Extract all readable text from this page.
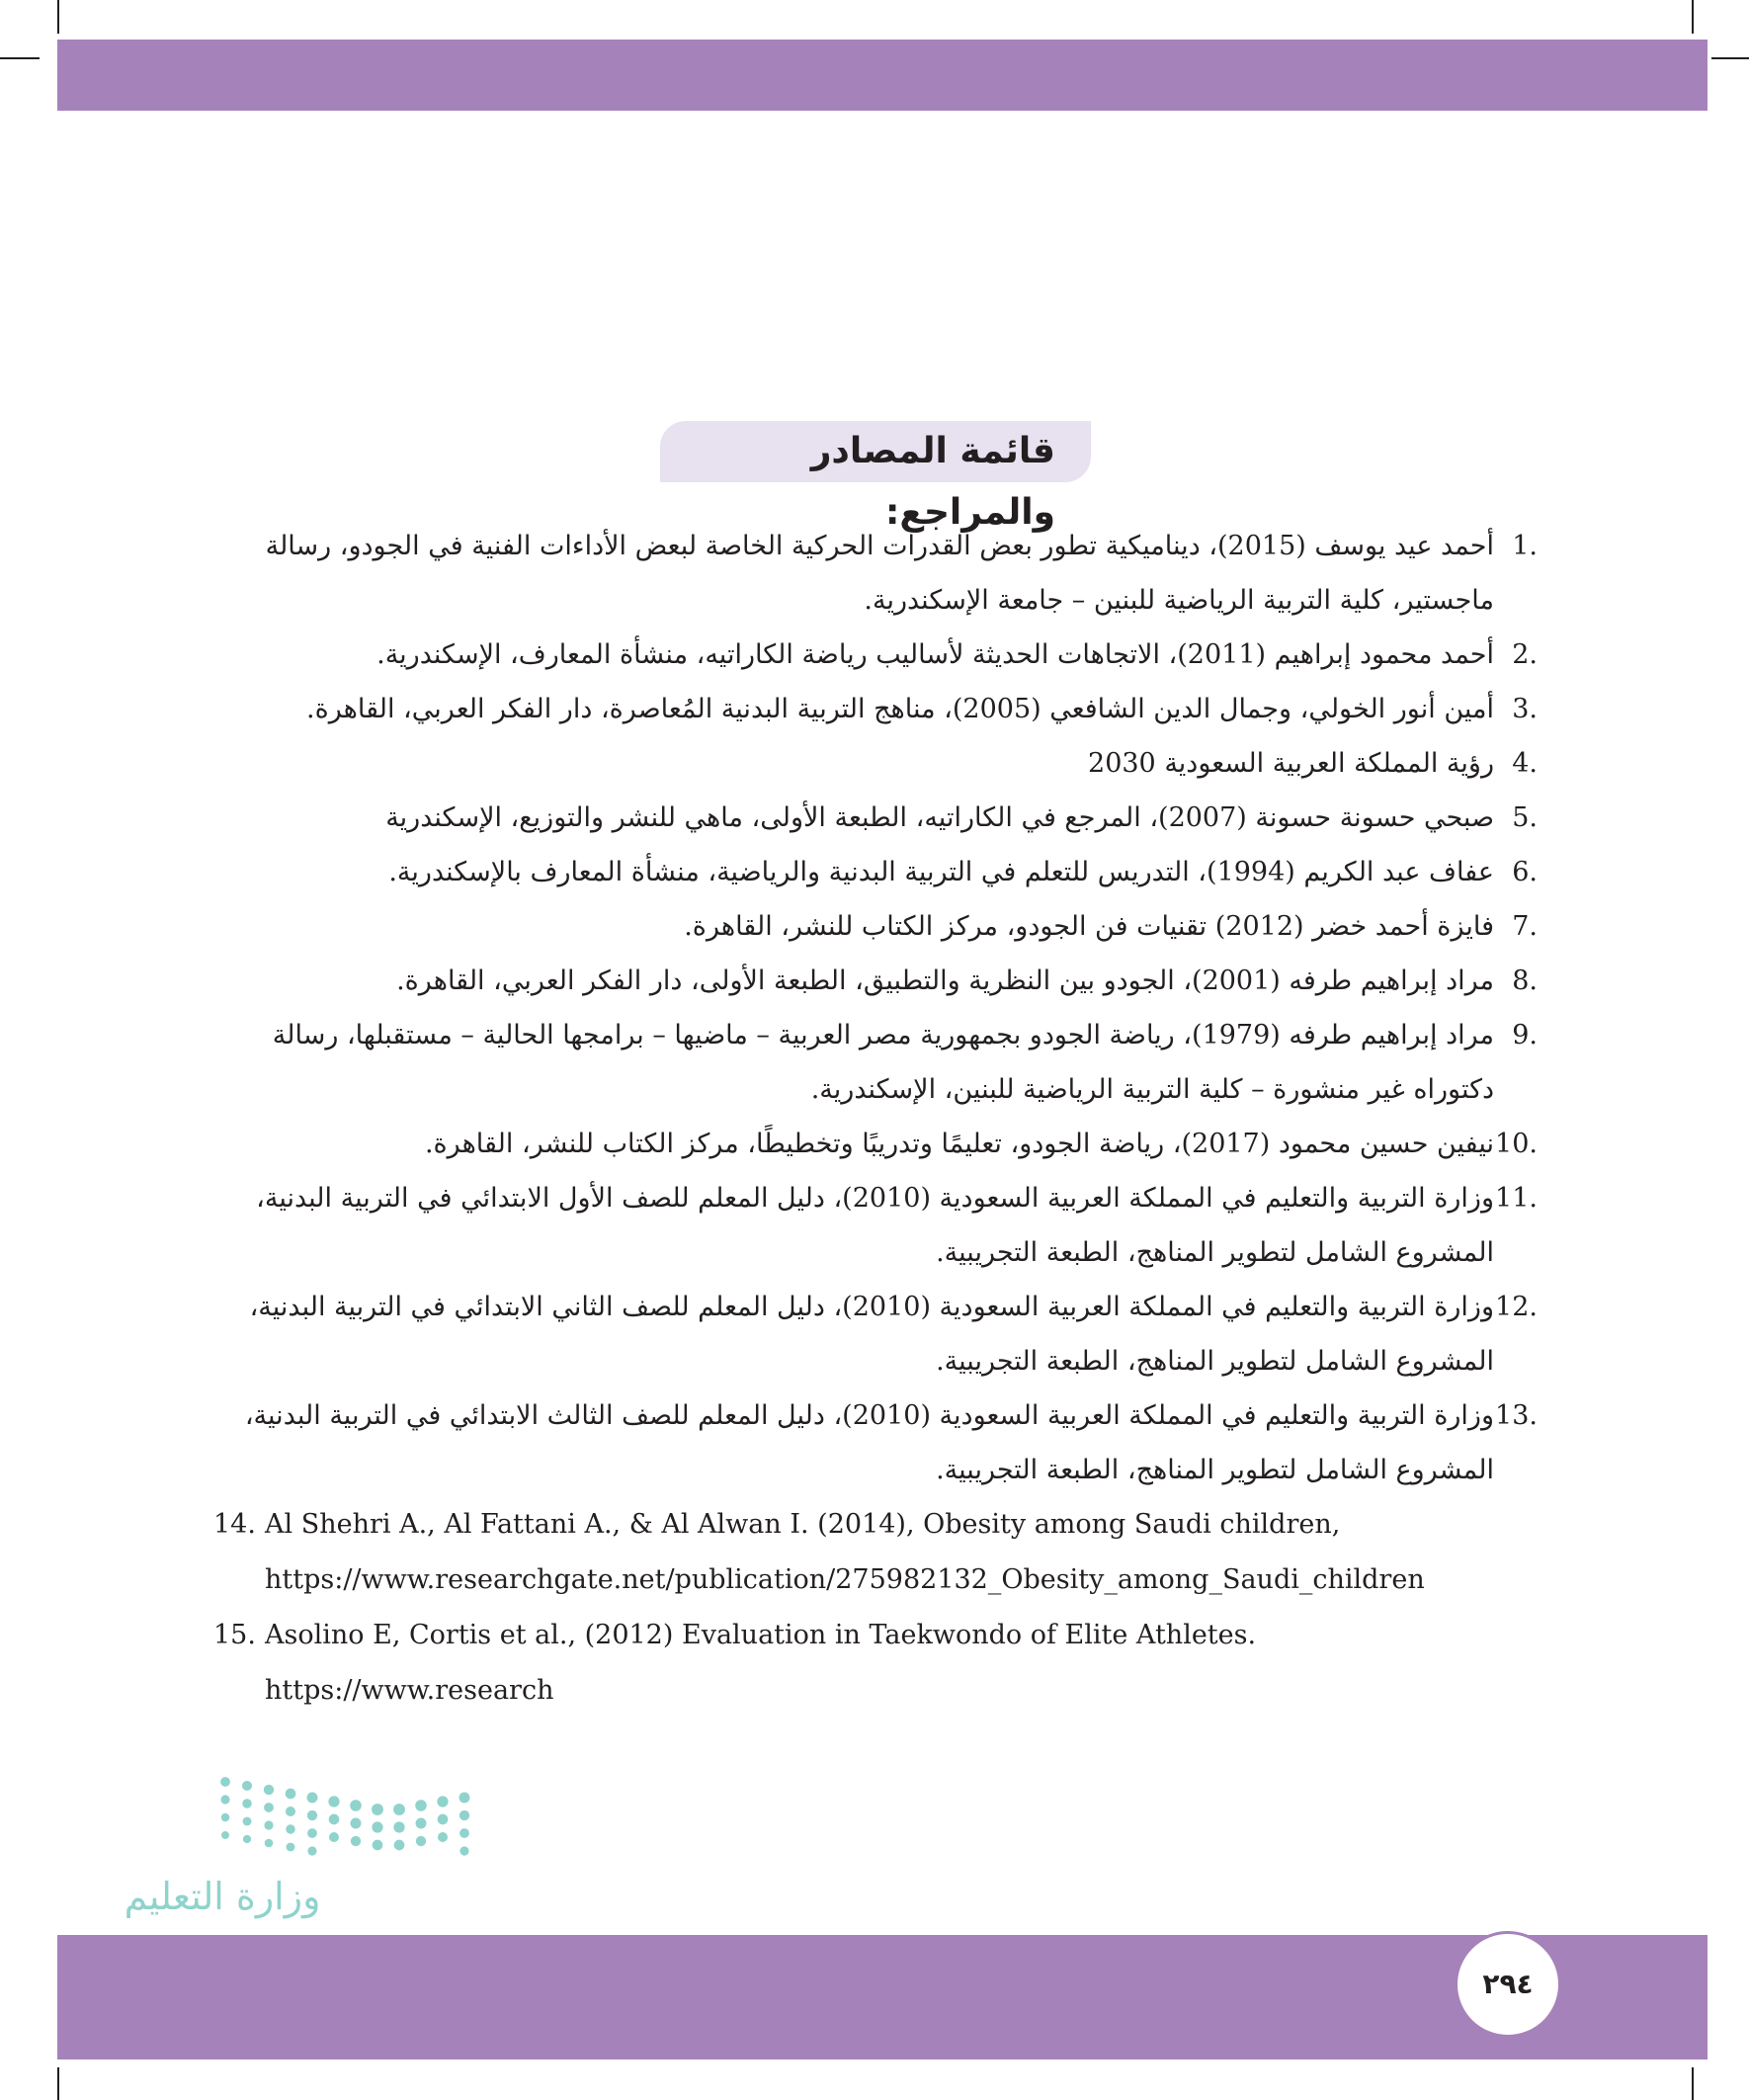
قائمة المصادر والمراجع:

1.
أحمد عيد يوسف (2015)، ديناميكية تطور بعض القدرات الحركية الخاصة لبعض الأداءات الفنية في الجودو، رسالة ماجستير، كلية التربية الرياضية للبنين – جامعة الإسكندرية.

2.
أحمد محمود إبراهيم (2011)، الاتجاهات الحديثة لأساليب رياضة الكاراتيه، منشأة المعارف، الإسكندرية.

3.
أمين أنور الخولي، وجمال الدين الشافعي (2005)، مناهج التربية البدنية المُعاصرة، دار الفكر العربي، القاهرة.

4.
رؤية المملكة العربية السعودية 2030

5.
صبحي حسونة حسونة (2007)، المرجع في الكاراتيه، الطبعة الأولى، ماهي للنشر والتوزيع، الإسكندرية

6.
عفاف عبد الكريم (1994)، التدريس للتعلم في التربية البدنية والرياضية، منشأة المعارف بالإسكندرية.

7.
فايزة أحمد خضر (2012) تقنيات فن الجودو، مركز الكتاب للنشر، القاهرة.

8.
مراد إبراهيم طرفه (2001)، الجودو بين النظرية والتطبيق، الطبعة الأولى، دار الفكر العربي، القاهرة.

9.
مراد إبراهيم طرفه (1979)، رياضة الجودو بجمهورية مصر العربية – ماضيها – برامجها الحالية – مستقبلها، رسالة دكتوراه غير منشورة – كلية التربية الرياضية للبنين، الإسكندرية.

10.
نيفين حسين محمود (2017)، رياضة الجودو، تعليمًا وتدريبًا وتخطيطًا، مركز الكتاب للنشر، القاهرة.

11.
وزارة التربية والتعليم في المملكة العربية السعودية (2010)، دليل المعلم للصف الأول الابتدائي في التربية البدنية، المشروع الشامل لتطوير المناهج، الطبعة التجريبية.

12.
وزارة التربية والتعليم في المملكة العربية السعودية (2010)، دليل المعلم للصف الثاني الابتدائي في التربية البدنية، المشروع الشامل لتطوير المناهج، الطبعة التجريبية.

13.
وزارة التربية والتعليم في المملكة العربية السعودية (2010)، دليل المعلم للصف الثالث الابتدائي في التربية البدنية، المشروع الشامل لتطوير المناهج، الطبعة التجريبية.

14. Al Shehri A., Al Fattani A., & Al Alwan I. (2014), Obesity among Saudi children, https://www.researchgate.net/publication/275982132_Obesity_among_Saudi_children

15. Asolino E, Cortis et al., (2012) Evaluation in Taekwondo of Elite Athletes. https://www.research

وزارة التعليم
٢٩٤
